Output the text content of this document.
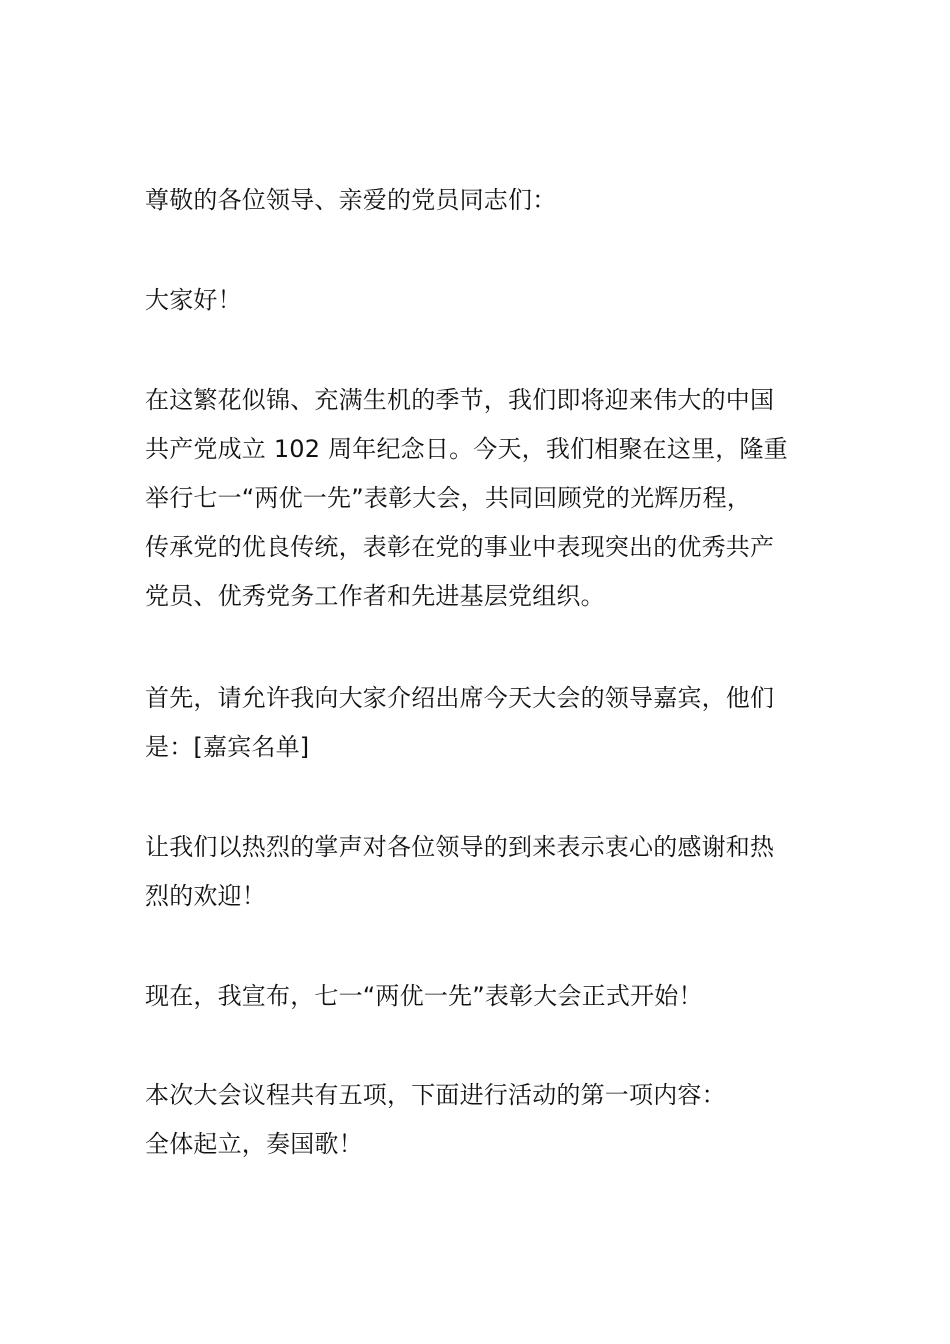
尊敬的各位领导、亲爱的党员同志们：
大家好！
在这繁花似锦、充满生机的季节，我们即将迎来伟大的中国
共产党成立 102 周年纪念日。今天，我们相聚在这里，隆重
举行七一“两优一先”表彰大会，共同回顾党的光辉历程，
传承党的优良传统，表彰在党的事业中表现突出的优秀共产
党员、优秀党务工作者和先进基层党组织。
首先，请允许我向大家介绍出席今天大会的领导嘉宾，他们
是：[嘉宾名单]
让我们以热烈的掌声对各位领导的到来表示衷心的感谢和热
烈的欢迎！
现在，我宣布，七一“两优一先”表彰大会正式开始！
本次大会议程共有五项，下面进行活动的第一项内容：
全体起立，奏国歌！
